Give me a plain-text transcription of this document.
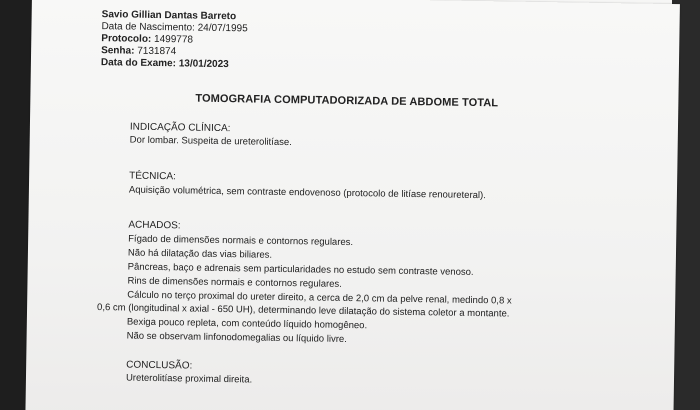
Savio Gillian Dantas Barreto
Data de Nascimento: 24/07/1995
Protocolo: 1499778
Senha: 7131874
Data do Exame: 13/01/2023
TOMOGRAFIA COMPUTADORIZADA DE ABDOME TOTAL
INDICAÇÃO CLÍNICA:
Dor lombar. Suspeita de ureterolitíase.
TÉCNICA:
Aquisição volumétrica, sem contraste endovenoso (protocolo de litíase renoureteral).
ACHADOS:
Fígado de dimensões normais e contornos regulares.
Não há dilatação das vias biliares.
Pâncreas, baço e adrenais sem particularidades no estudo sem contraste venoso.
Rins de dimensões normais e contornos regulares.
Cálculo no terço proximal do ureter direito, a cerca de 2,0 cm da pelve renal, medindo 0,8 x
0,6 cm (longitudinal x axial - 650 UH), determinando leve dilatação do sistema coletor a montante.
Bexiga pouco repleta, com conteúdo líquido homogêneo.
Não se observam linfonodomegalias ou líquido livre.
CONCLUSÃO:
Ureterolitíase proximal direita.
